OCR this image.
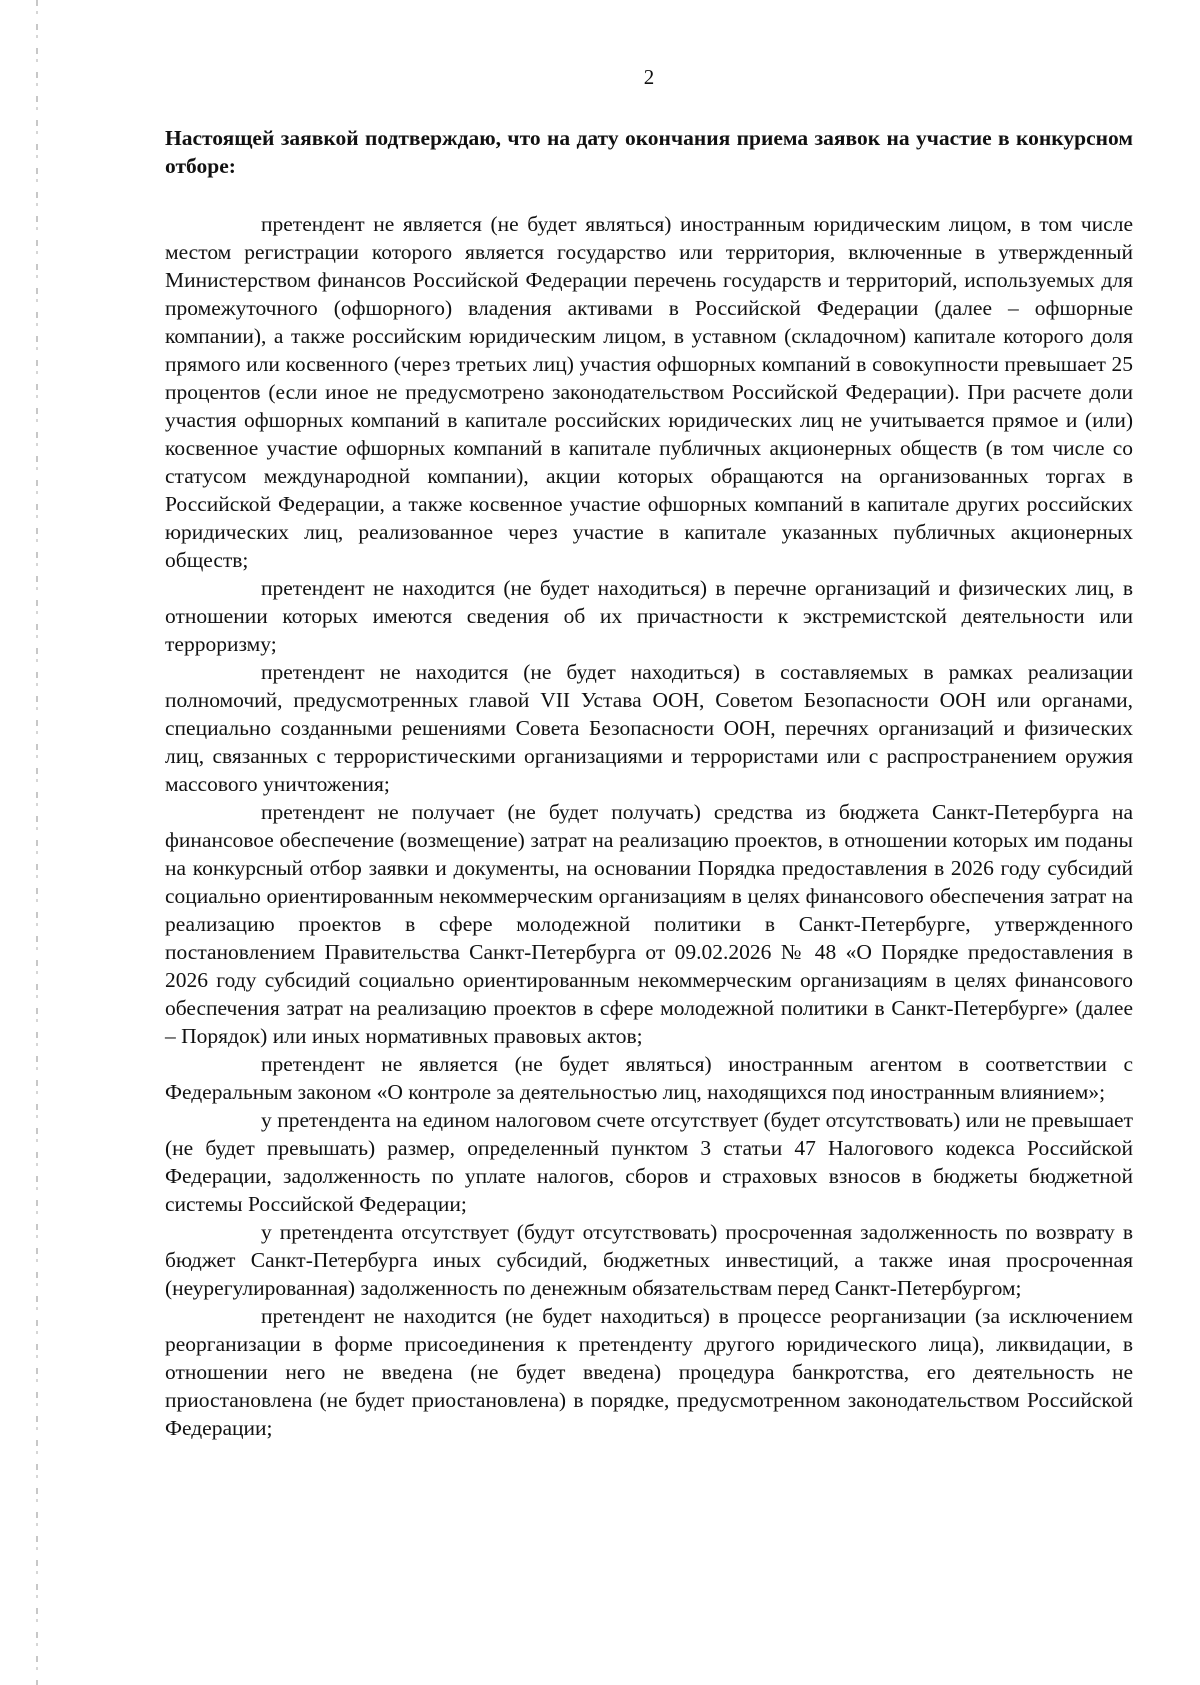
2

Настоящей заявкой подтверждаю, что на дату окончания приема заявок на участие в конкурсном отборе:

претендент не является (не будет являться) иностранным юридическим лицом, в том числе местом регистрации которого является государство или территория, включенные в утвержденный Министерством финансов Российской Федерации перечень государств и территорий, используемых для промежуточного (офшорного) владения активами в Российской Федерации (далее – офшорные компании), а также российским юридическим лицом, в уставном (складочном) капитале которого доля прямого или косвенного (через третьих лиц) участия офшорных компаний в совокупности превышает 25 процентов (если иное не предусмотрено законодательством Российской Федерации). При расчете доли участия офшорных компаний в капитале российских юридических лиц не учитывается прямое и (или) косвенное участие офшорных компаний в капитале публичных акционерных обществ (в том числе со статусом международной компании), акции которых обращаются на организованных торгах в Российской Федерации, а также косвенное участие офшорных компаний в капитале других российских юридических лиц, реализованное через участие в капитале указанных публичных акционерных обществ;

претендент не находится (не будет находиться) в перечне организаций и физических лиц, в отношении которых имеются сведения об их причастности к экстремистской деятельности или терроризму;

претендент не находится (не будет находиться) в составляемых в рамках реализации полномочий, предусмотренных главой VII Устава ООН, Советом Безопасности ООН или органами, специально созданными решениями Совета Безопасности ООН, перечнях организаций и физических лиц, связанных с террористическими организациями и террористами или с распространением оружия массового уничтожения;

претендент не получает (не будет получать) средства из бюджета Санкт-Петербурга на финансовое обеспечение (возмещение) затрат на реализацию проектов, в отношении которых им поданы на конкурсный отбор заявки и документы, на основании Порядка предоставления в 2026 году субсидий социально ориентированным некоммерческим организациям в целях финансового обеспечения затрат на реализацию проектов в сфере молодежной политики в Санкт-Петербурге, утвержденного постановлением Правительства Санкт-Петербурга от 09.02.2026 № 48 «О Порядке предоставления в 2026 году субсидий социально ориентированным некоммерческим организациям в целях финансового обеспечения затрат на реализацию проектов в сфере молодежной политики в Санкт-Петербурге» (далее – Порядок) или иных нормативных правовых актов;

претендент не является (не будет являться) иностранным агентом в соответствии с Федеральным законом «О контроле за деятельностью лиц, находящихся под иностранным влиянием»;

у претендента на едином налоговом счете отсутствует (будет отсутствовать) или не превышает (не будет превышать) размер, определенный пунктом 3 статьи 47 Налогового кодекса Российской Федерации, задолженность по уплате налогов, сборов и страховых взносов в бюджеты бюджетной системы Российской Федерации;

у претендента отсутствует (будут отсутствовать) просроченная задолженность по возврату в бюджет Санкт-Петербурга иных субсидий, бюджетных инвестиций, а также иная просроченная (неурегулированная) задолженность по денежным обязательствам перед Санкт-Петербургом;

претендент не находится (не будет находиться) в процессе реорганизации (за исключением реорганизации в форме присоединения к претенденту другого юридического лица), ликвидации, в отношении него не введена (не будет введена) процедура банкротства, его деятельность не приостановлена (не будет приостановлена) в порядке, предусмотренном законодательством Российской Федерации;
